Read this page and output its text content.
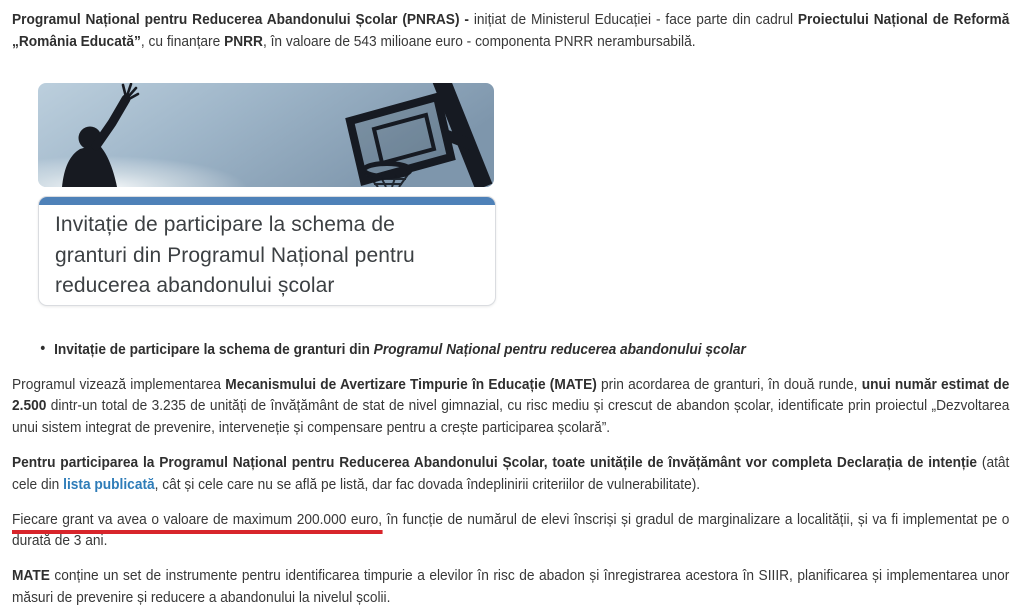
Programul Național pentru Reducerea Abandonului Școlar (PNRAS) - inițiat de Ministerul Educației - face parte din cadrul Proiectului Național de Reformă „România Educată”, cu finanțare PNRR, în valoare de 543 milioane euro - componenta PNRR nerambursabilă.

Invitație de participare la schema de granturi din Programul Național pentru reducerea abandonului școlar

• Invitație de participare la schema de granturi din Programul Național pentru reducerea abandonului școlar

Programul vizează implementarea Mecanismului de Avertizare Timpurie în Educație (MATE) prin acordarea de granturi, în două runde, unui număr estimat de 2.500 dintr-un total de 3.235 de unități de învățământ de stat de nivel gimnazial, cu risc mediu și crescut de abandon școlar, identificate prin proiectul „Dezvoltarea unui sistem integrat de prevenire, interveneție și compensare pentru a crește participarea școlară”.

Pentru participarea la Programul Național pentru Reducerea Abandonului Școlar, toate unitățile de învățământ vor completa Declarația de intenție (atât cele din lista publicată, cât și cele care nu se află pe listă, dar fac dovada îndeplinirii criteriilor de vulnerabilitate).

Fiecare grant va avea o valoare de maximum 200.000 euro, în funcție de numărul de elevi înscriși și gradul de marginalizare a localității, și va fi implementat pe o durată de 3 ani.

MATE conține un set de instrumente pentru identificarea timpurie a elevilor în risc de abadon și înregistrarea acestora în SIIIR, planificarea și implementarea unor măsuri de prevenire și reducere a abandonului la nivelul școlii.
